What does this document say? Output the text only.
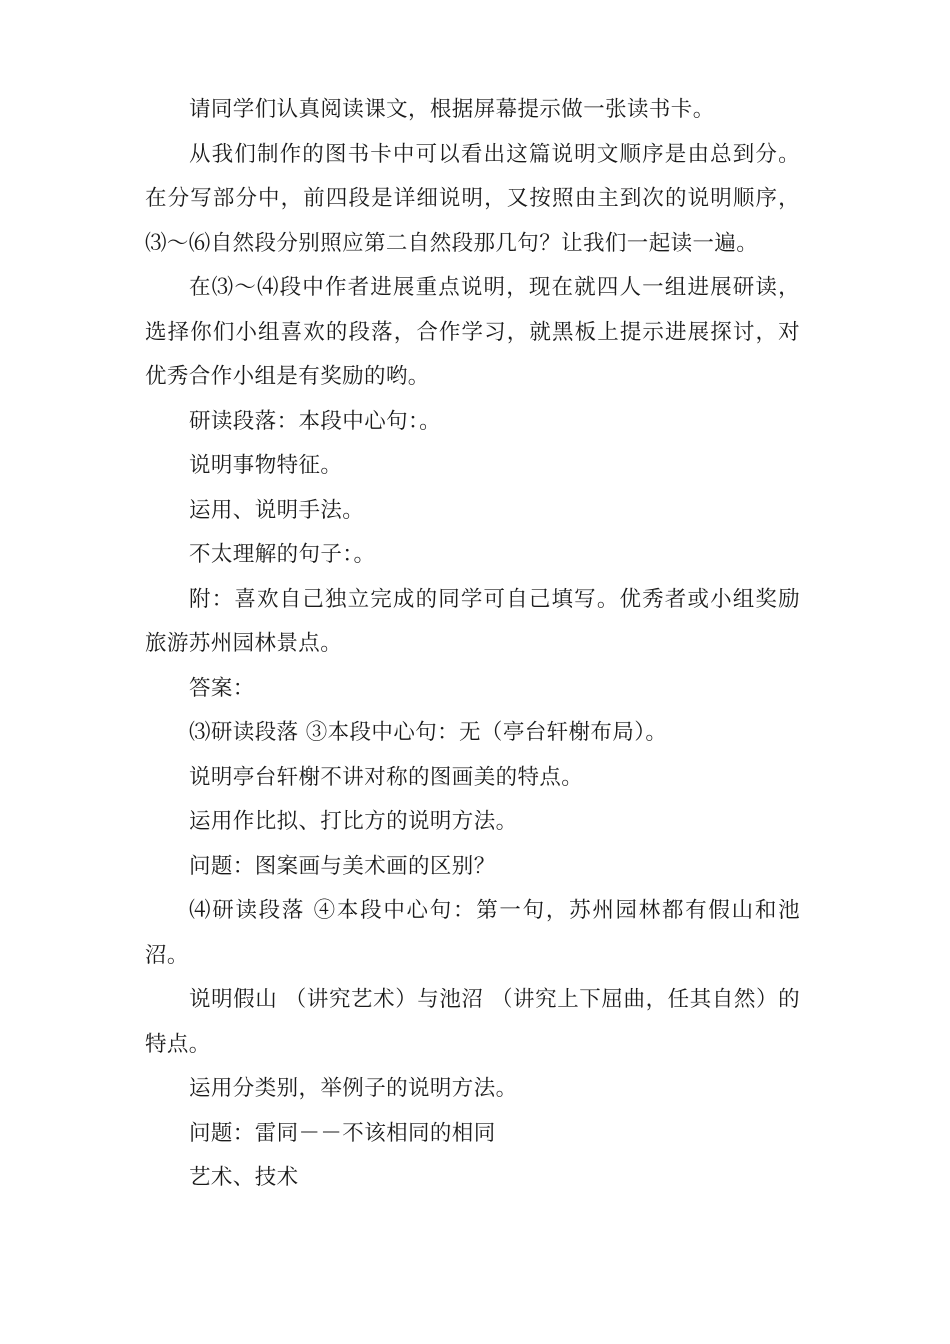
请同学们认真阅读课文，根据屏幕提示做一张读书卡。

从我们制作的图书卡中可以看出这篇说明文顺序是由总到分。在分写部分中，前四段是详细说明，又按照由主到次的说明顺序，⑶～⑹自然段分别照应第二自然段那几句？让我们一起读一遍。

在⑶～⑷段中作者进展重点说明，现在就四人一组进展研读，选择你们小组喜欢的段落，合作学习，就黑板上提示进展探讨，对优秀合作小组是有奖励的哟。

研读段落：本段中心句：。

说明事物特征。

运用、说明手法。

不太理解的句子：。

附：喜欢自己独立完成的同学可自己填写。优秀者或小组奖励旅游苏州园林景点。

答案：

⑶研读段落 ③本段中心句：无（亭台轩榭布局）。

说明亭台轩榭不讲对称的图画美的特点。

运用作比拟、打比方的说明方法。

问题：图案画与美术画的区别？

⑷研读段落 ④本段中心句：第一句，苏州园林都有假山和池沼。

说明假山 （讲究艺术）与池沼 （讲究上下屈曲，任其自然）的特点。

运用分类别，举例子的说明方法。

问题：雷同－－不该相同的相同

艺术、技术
